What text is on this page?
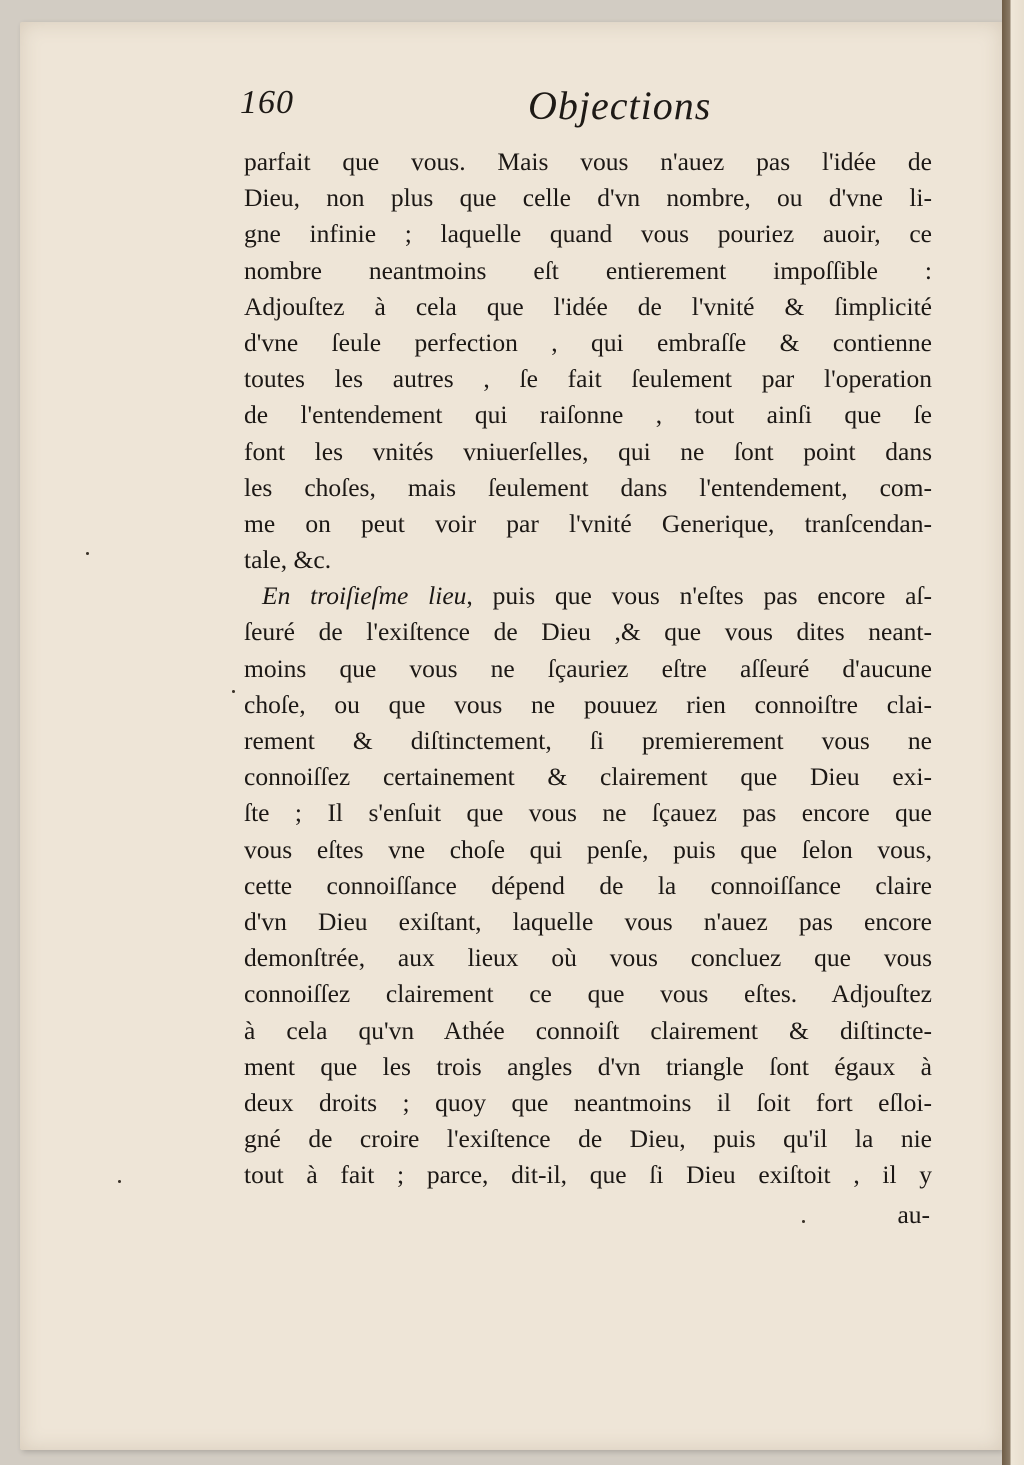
160	Objections
parfait que vous. Mais vous n'auez pas l'idée de
Dieu, non plus que celle d'vn nombre, ou d'vne li-
gne infinie ; laquelle quand vous pouriez auoir, ce
nombre neantmoins eſt entierement impoſſible :
Adjouſtez à cela que l'idée de l'vnité & ſimplicité
d'vne ſeule perfection , qui embraſſe & contienne
toutes les autres , ſe fait ſeulement par l'operation
de l'entendement qui raiſonne , tout ainſi que ſe
font les vnités vniuerſelles, qui ne ſont point dans
les choſes, mais ſeulement dans l'entendement, com-
me on peut voir par l'vnité Generique, tranſcendan-
tale, &c.
En troiſieſme lieu, puis que vous n'eſtes pas encore aſ-
ſeuré de l'exiſtence de Dieu ,& que vous dites neant-
moins que vous ne ſçauriez eſtre aſſeuré d'aucune
choſe, ou que vous ne pouuez rien connoiſtre clai-
rement & diſtinctement, ſi premierement vous ne
connoiſſez certainement & clairement que Dieu exi-
ſte ; Il s'enſuit que vous ne ſçauez pas encore que
vous eſtes vne choſe qui penſe, puis que ſelon vous,
cette connoiſſance dépend de la connoiſſance claire
d'vn Dieu exiſtant, laquelle vous n'auez pas encore
demonſtrée, aux lieux où vous concluez que vous
connoiſſez clairement ce que vous eſtes. Adjouſtez
à cela qu'vn Athée connoiſt clairement & diſtincte-
ment que les trois angles d'vn triangle ſont égaux à
deux droits ; quoy que neantmoins il ſoit fort eſloi-
gné de croire l'exiſtence de Dieu, puis qu'il la nie
tout à fait ; parce, dit-il, que ſi Dieu exiſtoit , il y
au-
